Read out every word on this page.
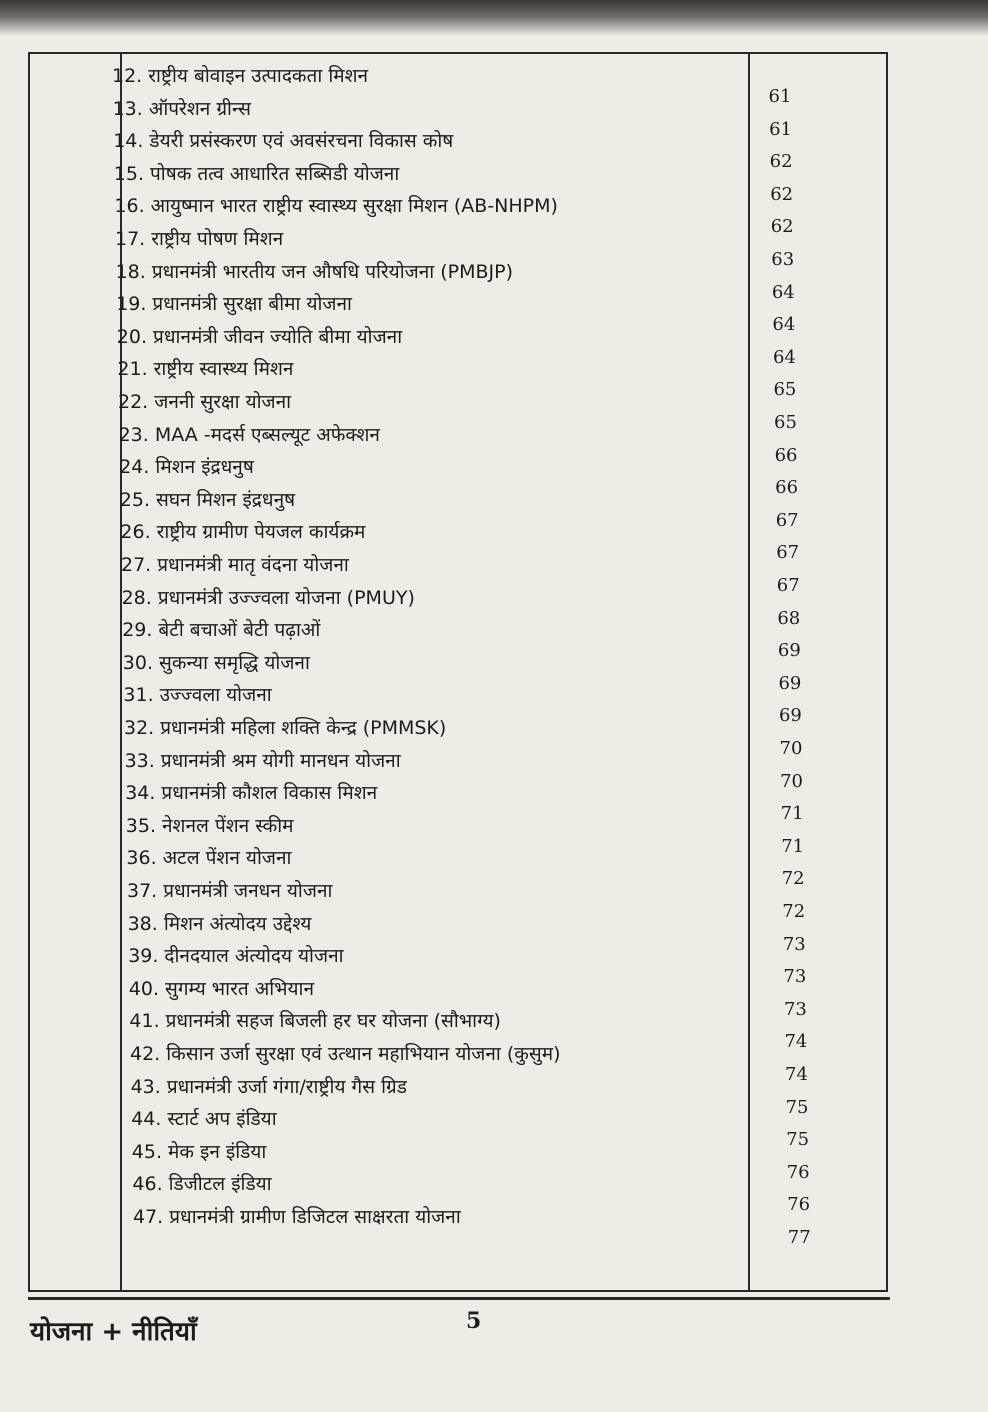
12. राष्ट्रीय बोवाइन उत्पादकता मिशन
61
13. ऑपरेशन ग्रीन्स
61
14. डेयरी प्रसंस्करण एवं अवसंरचना विकास कोष
62
15. पोषक तत्व आधारित सब्सिडी योजना
62
16. आयुष्मान भारत राष्ट्रीय स्वास्थ्य सुरक्षा मिशन (AB-NHPM)
62
17. राष्ट्रीय पोषण मिशन
63
18. प्रधानमंत्री भारतीय जन औषधि परियोजना (PMBJP)
64
19. प्रधानमंत्री सुरक्षा बीमा योजना
64
20. प्रधानमंत्री जीवन ज्योति बीमा योजना
64
21. राष्ट्रीय स्वास्थ्य मिशन
65
22. जननी सुरक्षा योजना
65
23. MAA -मदर्स एब्सल्यूट अफेक्शन
66
24. मिशन इंद्रधनुष
66
25. सघन मिशन इंद्रधनुष
67
26. राष्ट्रीय ग्रामीण पेयजल कार्यक्रम
67
27. प्रधानमंत्री मातृ वंदना योजना
67
28. प्रधानमंत्री उज्ज्वला योजना (PMUY)
68
29. बेटी बचाओं बेटी पढ़ाओं
69
30. सुकन्या समृद्धि योजना
69
31. उज्ज्वला योजना
69
32. प्रधानमंत्री महिला शक्ति केन्द्र (PMMSK)
70
33. प्रधानमंत्री श्रम योगी मानधन योजना
70
34. प्रधानमंत्री कौशल विकास मिशन
71
35. नेशनल पेंशन स्कीम
71
36. अटल पेंशन योजना
72
37. प्रधानमंत्री जनधन योजना
72
38. मिशन अंत्योदय उद्देश्य
73
39. दीनदयाल अंत्योदय योजना
73
40. सुगम्य भारत अभियान
73
41. प्रधानमंत्री सहज बिजली हर घर योजना (सौभाग्य)
74
42. किसान उर्जा सुरक्षा एवं उत्थान महाभियान योजना (कुसुम)
74
43. प्रधानमंत्री उर्जा गंगा/राष्ट्रीय गैस ग्रिड
75
44. स्टार्ट अप इंडिया
75
45. मेक इन इंडिया
76
46. डिजीटल इंडिया
76
47. प्रधानमंत्री ग्रामीण डिजिटल साक्षरता योजना
77
योजना + नीतियाँ	5
